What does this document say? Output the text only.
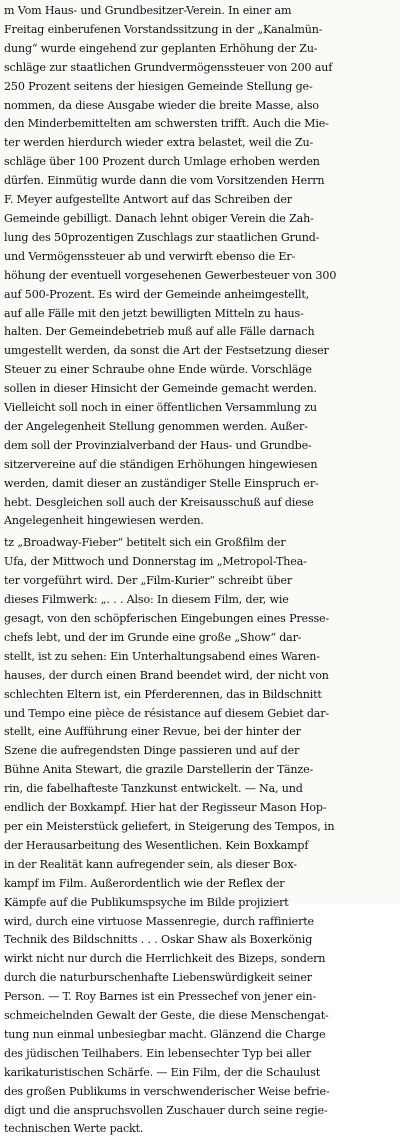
m Vom Haus- und Grundbesitzer-Verein. In einer am
Freitag einberufenen Vorstandssitzung in der „Kanalmün-
dung“ wurde eingehend zur geplanten Erhöhung der Zu-
schläge zur staatlichen Grundvermögenssteuer von 200 auf
250 Prozent seitens der hiesigen Gemeinde Stellung ge-
nommen, da diese Ausgabe wieder die breite Masse, also
den Minderbemittelten am schwersten trifft. Auch die Mie-
ter werden hierdurch wieder extra belastet, weil die Zu-
schläge über 100 Prozent durch Umlage erhoben werden
dürfen. Einmütig wurde dann die vom Vorsitzenden Herrn
F. Meyer aufgestellte Antwort auf das Schreiben der
Gemeinde gebilligt. Danach lehnt obiger Verein die Zah-
lung des 50prozentigen Zuschlags zur staatlichen Grund-
und Vermögenssteuer ab und verwirft ebenso die Er-
höhung der eventuell vorgesehenen Gewerbesteuer von 300
auf 500-Prozent. Es wird der Gemeinde anheimgestellt,
auf alle Fälle mit den jetzt bewilligten Mitteln zu haus-
halten. Der Gemeindebetrieb muß auf alle Fälle darnach
umgestellt werden, da sonst die Art der Festsetzung dieser
Steuer zu einer Schraube ohne Ende würde. Vorschläge
sollen in dieser Hinsicht der Gemeinde gemacht werden.
Vielleicht soll noch in einer öffentlichen Versammlung zu
der Angelegenheit Stellung genommen werden. Außer-
dem soll der Provinzialverband der Haus- und Grundbe-
sitzervereine auf die ständigen Erhöhungen hingewiesen
werden, damit dieser an zuständiger Stelle Einspruch er-
hebt. Desgleichen soll auch der Kreisausschuß auf diese
Angelegenheit hingewiesen werden.
tz „Broadway-Fieber“ betitelt sich ein Großfilm der
Ufa, der Mittwoch und Donnerstag im „Metropol-Thea-
ter vorgeführt wird. Der „Film-Kurier“ schreibt über
dieses Filmwerk: „. . . Also: In diesem Film, der, wie
gesagt, von den schöpferischen Eingebungen eines Presse-
chefs lebt, und der im Grunde eine große „Show“ dar-
stellt, ist zu sehen: Ein Unterhaltungsabend eines Waren-
hauses, der durch einen Brand beendet wird, der nicht von
schlechten Eltern ist, ein Pferderennen, das in Bildschnitt
und Tempo eine pièce de résistance auf diesem Gebiet dar-
stellt, eine Aufführung einer Revue, bei der hinter der
Szene die aufregendsten Dinge passieren und auf der
Bühne Anita Stewart, die grazile Darstellerin der Tänze-
rin, die fabelhafteste Tanzkunst entwickelt. — Na, und
endlich der Boxkampf. Hier hat der Regisseur Mason Hop-
per ein Meisterstück geliefert, in Steigerung des Tempos, in
der Herausarbeitung des Wesentlichen. Kein Boxkampf
in der Realität kann aufregender sein, als dieser Box-
kampf im Film. Außerordentlich wie der Reflex der
Kämpfe auf die Publikumspsyche im Bilde projiziert
wird, durch eine virtuose Massenregie, durch raffinierte
Technik des Bildschnitts . . . Oskar Shaw als Boxerkönig
wirkt nicht nur durch die Herrlichkeit des Bizeps, sondern
durch die naturburschenhafte Liebenswürdigkeit seiner
Person. — T. Roy Barnes ist ein Pressechef von jener ein-
schmeichelnden Gewalt der Geste, die diese Menschengat-
tung nun einmal unbesiegbar macht. Glänzend die Charge
des jüdischen Teilhabers. Ein lebensechter Typ bei aller
karikaturistischen Schärfe. — Ein Film, der die Schaulust
des großen Publikums in verschwenderischer Weise befrie-
digt und die anspruchsvollen Zuschauer durch seine regie-
technischen Werte packt.
